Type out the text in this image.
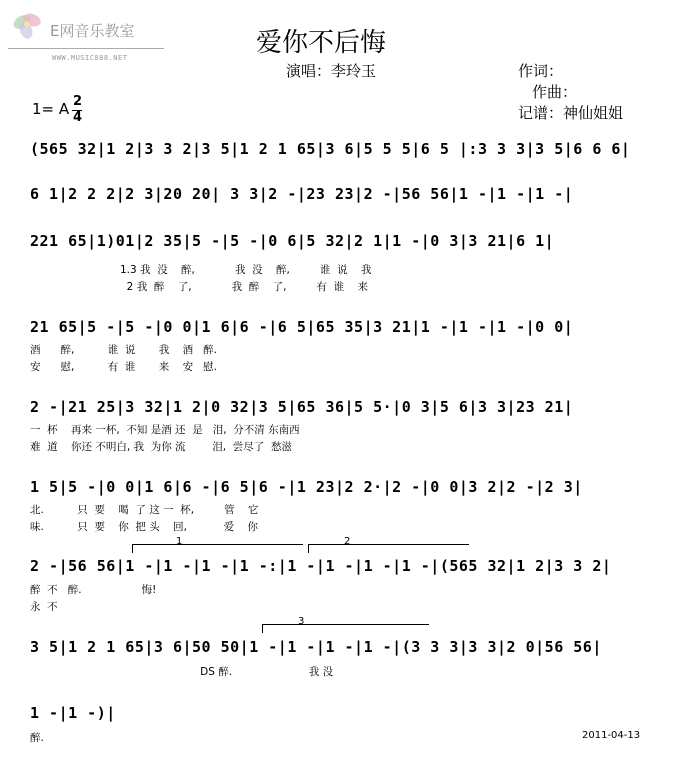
E网音乐教室
WWW.MUSIC888.NET	爱你不后悔
演唱：李玲玉	作词：
作曲：
记谱：神仙姐姐
1= A 2
4
(565 32|1 2|3 3 2|3 5|1 2 1 65|3 6|5 5 5|6 5 |:3 3 3|3 5|6 6 6|
6 1|2 2 2|2 3|20 20| 3 3|2 -|23 23|2 -|56 56|1 -|1 -|1 -|
221 65|1)01|2 35|5 -|5 -|0 6|5 32|2 1|1 -|0 3|3 21|6 1|
1.3 我  没    醉,            我  没    醉,         谁  说    我
2 我  醉    了,            我  醉    了,         有  谁    来
21 65|5 -|5 -|0 0|1 6|6 -|6 5|65 35|3 21|1 -|1 -|1 -|0 0|
酒      醉,          谁  说       我    酒   醉.
安      慰,          有  谁       来    安   慰.
2 -|21 25|3 32|1 2|0 32|3 5|65 36|5 5·|0 3|5 6|3 3|23 21|
一  杯    再来 一杯,  不知 是酒 还  是   泪,  分不清 东南西
难  道    你还 不明白, 我  为你 流        泪,  尝尽了  愁滋
1 5|5 -|0 0|1 6|6 -|6 5|6 -|1 23|2 2·|2 -|0 0|3 2|2 -|2 3|
北.          只  要    喝  了 这 一  杯,         管    它
味.          只  要    你  把 头    回,           爱    你
1	2
2 -|56 56|1 -|1 -|1 -|1 -:|1 -|1 -|1 -|1 -|(565 32|1 2|3 3 2|
醉  不   醉.                  悔!
永  不
3
3 5|1 2 1 65|3 6|50 50|1 -|1 -|1 -|1 -|(3 3 3|3 3|2 0|56 56|
DS 醉.                       我 没
1 -|1 -)|
醉.	2011-04-13
